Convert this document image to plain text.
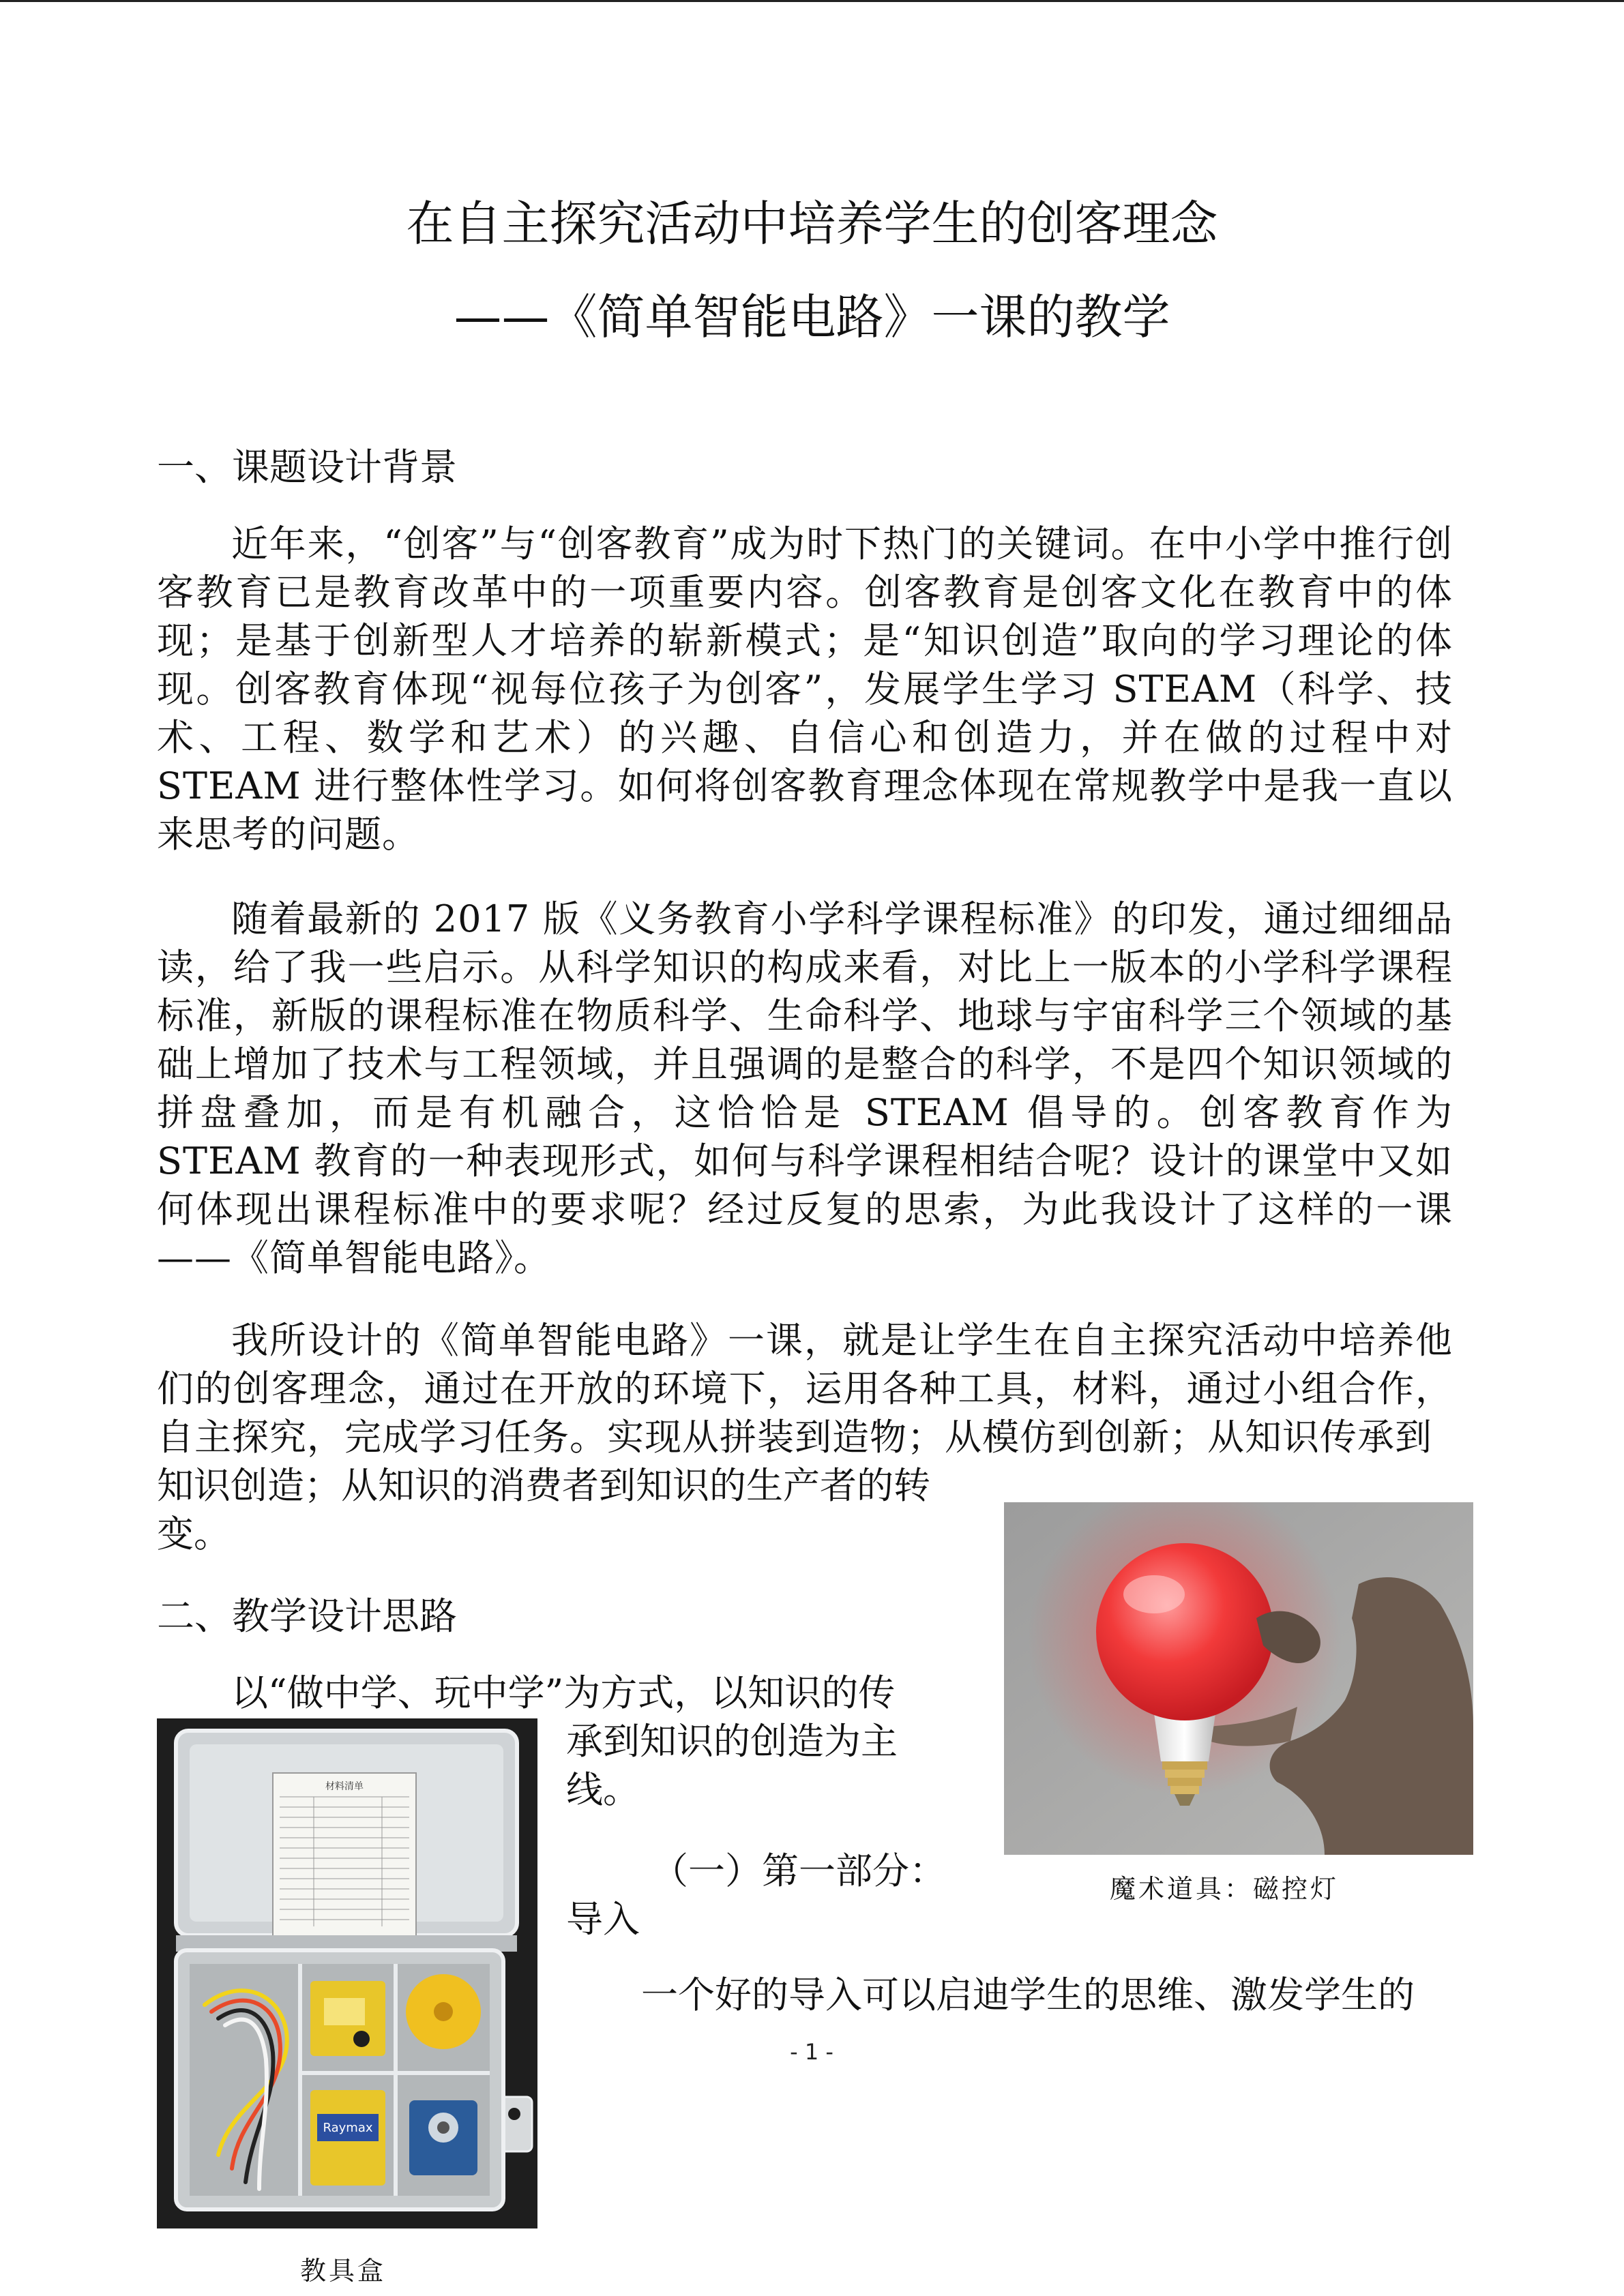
在自主探究活动中培养学生的创客理念
——《简单智能电路》一课的教学
一、课题设计背景
近年来，“创客”与“创客教育”成为时下热门的关键词。在中小学中推行创客教育已是教育改革中的一项重要内容。创客教育是创客文化在教育中的体现；是基于创新型人才培养的崭新模式；是“知识创造”取向的学习理论的体现。创客教育体现“视每位孩子为创客”，发展学生学习 STEAM（科学、技术、工程、数学和艺术）的兴趣、自信心和创造力，并在做的过程中对 STEAM 进行整体性学习。如何将创客教育理念体现在常规教学中是我一直以来思考的问题。
随着最新的 2017 版《义务教育小学科学课程标准》的印发，通过细细品读，给了我一些启示。从科学知识的构成来看，对比上一版本的小学科学课程标准，新版的课程标准在物质科学、生命科学、地球与宇宙科学三个领域的基础上增加了技术与工程领域，并且强调的是整合的科学，不是四个知识领域的拼盘叠加，而是有机融合，这恰恰是 STEAM 倡导的。创客教育作为 STEAM 教育的一种表现形式，如何与科学课程相结合呢？设计的课堂中又如何体现出课程标准中的要求呢？经过反复的思索，为此我设计了这样的一课——《简单智能电路》。
我所设计的《简单智能电路》一课，就是让学生在自主探究活动中培养他们的创客理念，通过在开放的环境下，运用各种工具，材料，通过小组合作，自主探究，完成学习任务。实现从拼装到造物；从模仿到创新；从知识传承到
知识创造；从知识的消费者到知识的生产者的转
变。
二、教学设计思路
以“做中学、玩中学”为方式，以知识的传
承到知识的创造为主
线。
（一）第一部分：
导入
一个好的导入可以启迪学生的思维、激发学生的
魔术道具：磁控灯
材料清单
Raymax
教具盒
- 1 -
